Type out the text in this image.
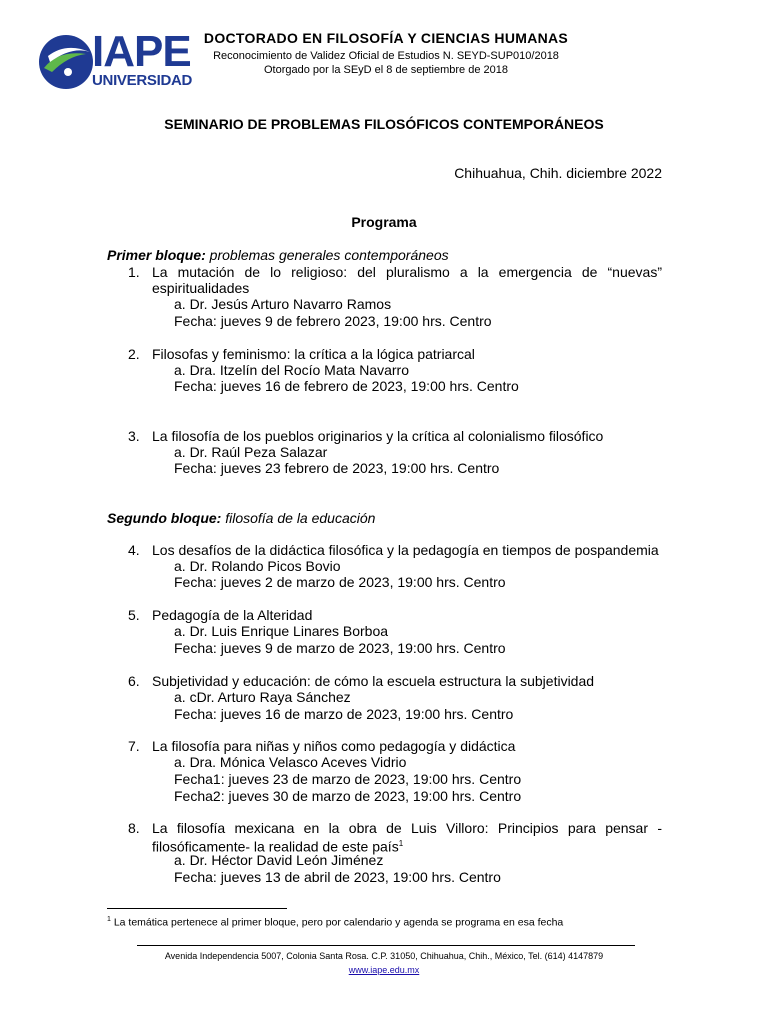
IAPE
UNIVERSIDAD
DOCTORADO EN FILOSOFÍA Y CIENCIAS HUMANAS
Reconocimiento de Validez Oficial de Estudios N. SEYD-SUP010/2018
Otorgado por la SEyD el 8 de septiembre de 2018
SEMINARIO DE PROBLEMAS FILOSÓFICOS CONTEMPORÁNEOS
Chihuahua, Chih. diciembre 2022
Programa
Primer bloque: problemas generales contemporáneos
1. La mutación de lo religioso: del pluralismo a la emergencia de “nuevas”
espiritualidades
a. Dr. Jesús Arturo Navarro Ramos
Fecha: jueves 9 de febrero 2023, 19:00 hrs. Centro
2. Filosofas y feminismo: la crítica a la lógica patriarcal
a. Dra. Itzelín del Rocío Mata Navarro
Fecha: jueves 16 de febrero de 2023, 19:00 hrs. Centro
3. La filosofía de los pueblos originarios y la crítica al colonialismo filosófico
a. Dr. Raúl Peza Salazar
Fecha: jueves 23 febrero de 2023, 19:00 hrs. Centro
Segundo bloque: filosofía de la educación
4. Los desafíos de la didáctica filosófica y la pedagogía en tiempos de pospandemia
a. Dr. Rolando Picos Bovio
Fecha: jueves 2 de marzo de 2023, 19:00 hrs. Centro
5. Pedagogía de la Alteridad
a. Dr. Luis Enrique Linares Borboa
Fecha: jueves 9 de marzo de 2023, 19:00 hrs. Centro
6. Subjetividad y educación: de cómo la escuela estructura la subjetividad
a. cDr. Arturo Raya Sánchez
Fecha: jueves 16 de marzo de 2023, 19:00 hrs. Centro
7. La filosofía para niñas y niños como pedagogía y didáctica
a. Dra. Mónica Velasco Aceves Vidrio
Fecha1: jueves 23 de marzo de 2023, 19:00 hrs. Centro
Fecha2: jueves 30 de marzo de 2023, 19:00 hrs. Centro
8. La filosofía mexicana en la obra de Luis Villoro: Principios para pensar -
filosóficamente- la realidad de este país$^1$
a. Dr. Héctor David León Jiménez
Fecha: jueves 13 de abril de 2023, 19:00 hrs. Centro
$^1$ La temática pertenece al primer bloque, pero por calendario y agenda se programa en esa fecha
Avenida Independencia 5007, Colonia Santa Rosa. C.P. 31050, Chihuahua, Chih., México, Tel. (614) 4147879
www.iape.edu.mx
